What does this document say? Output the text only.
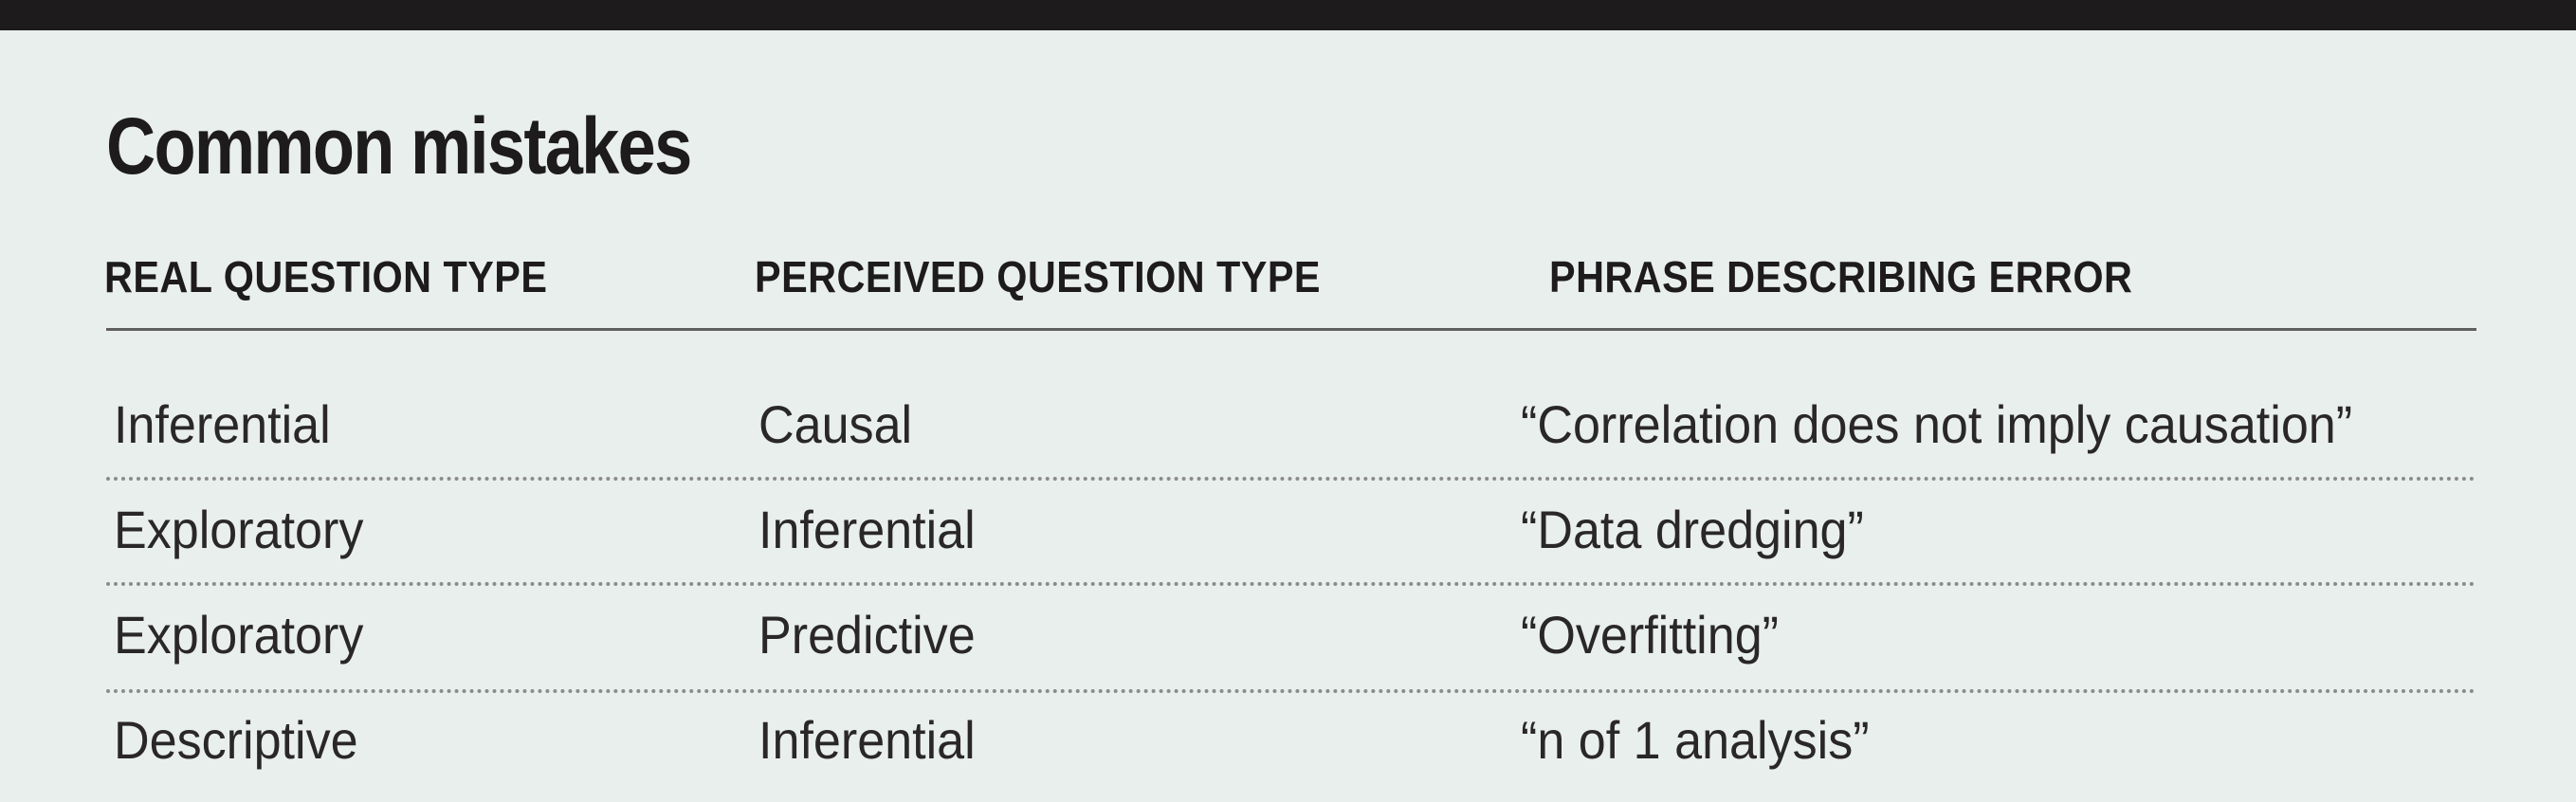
Common mistakes
REAL QUESTION TYPE	PERCEIVED QUESTION TYPE	PHRASE DESCRIBING ERROR
Inferential	Causal	“Correlation does not imply causation”
Exploratory	Inferential	“Data dredging”
Exploratory	Predictive	“Overfitting”
Descriptive	Inferential	“n of 1 analysis”
